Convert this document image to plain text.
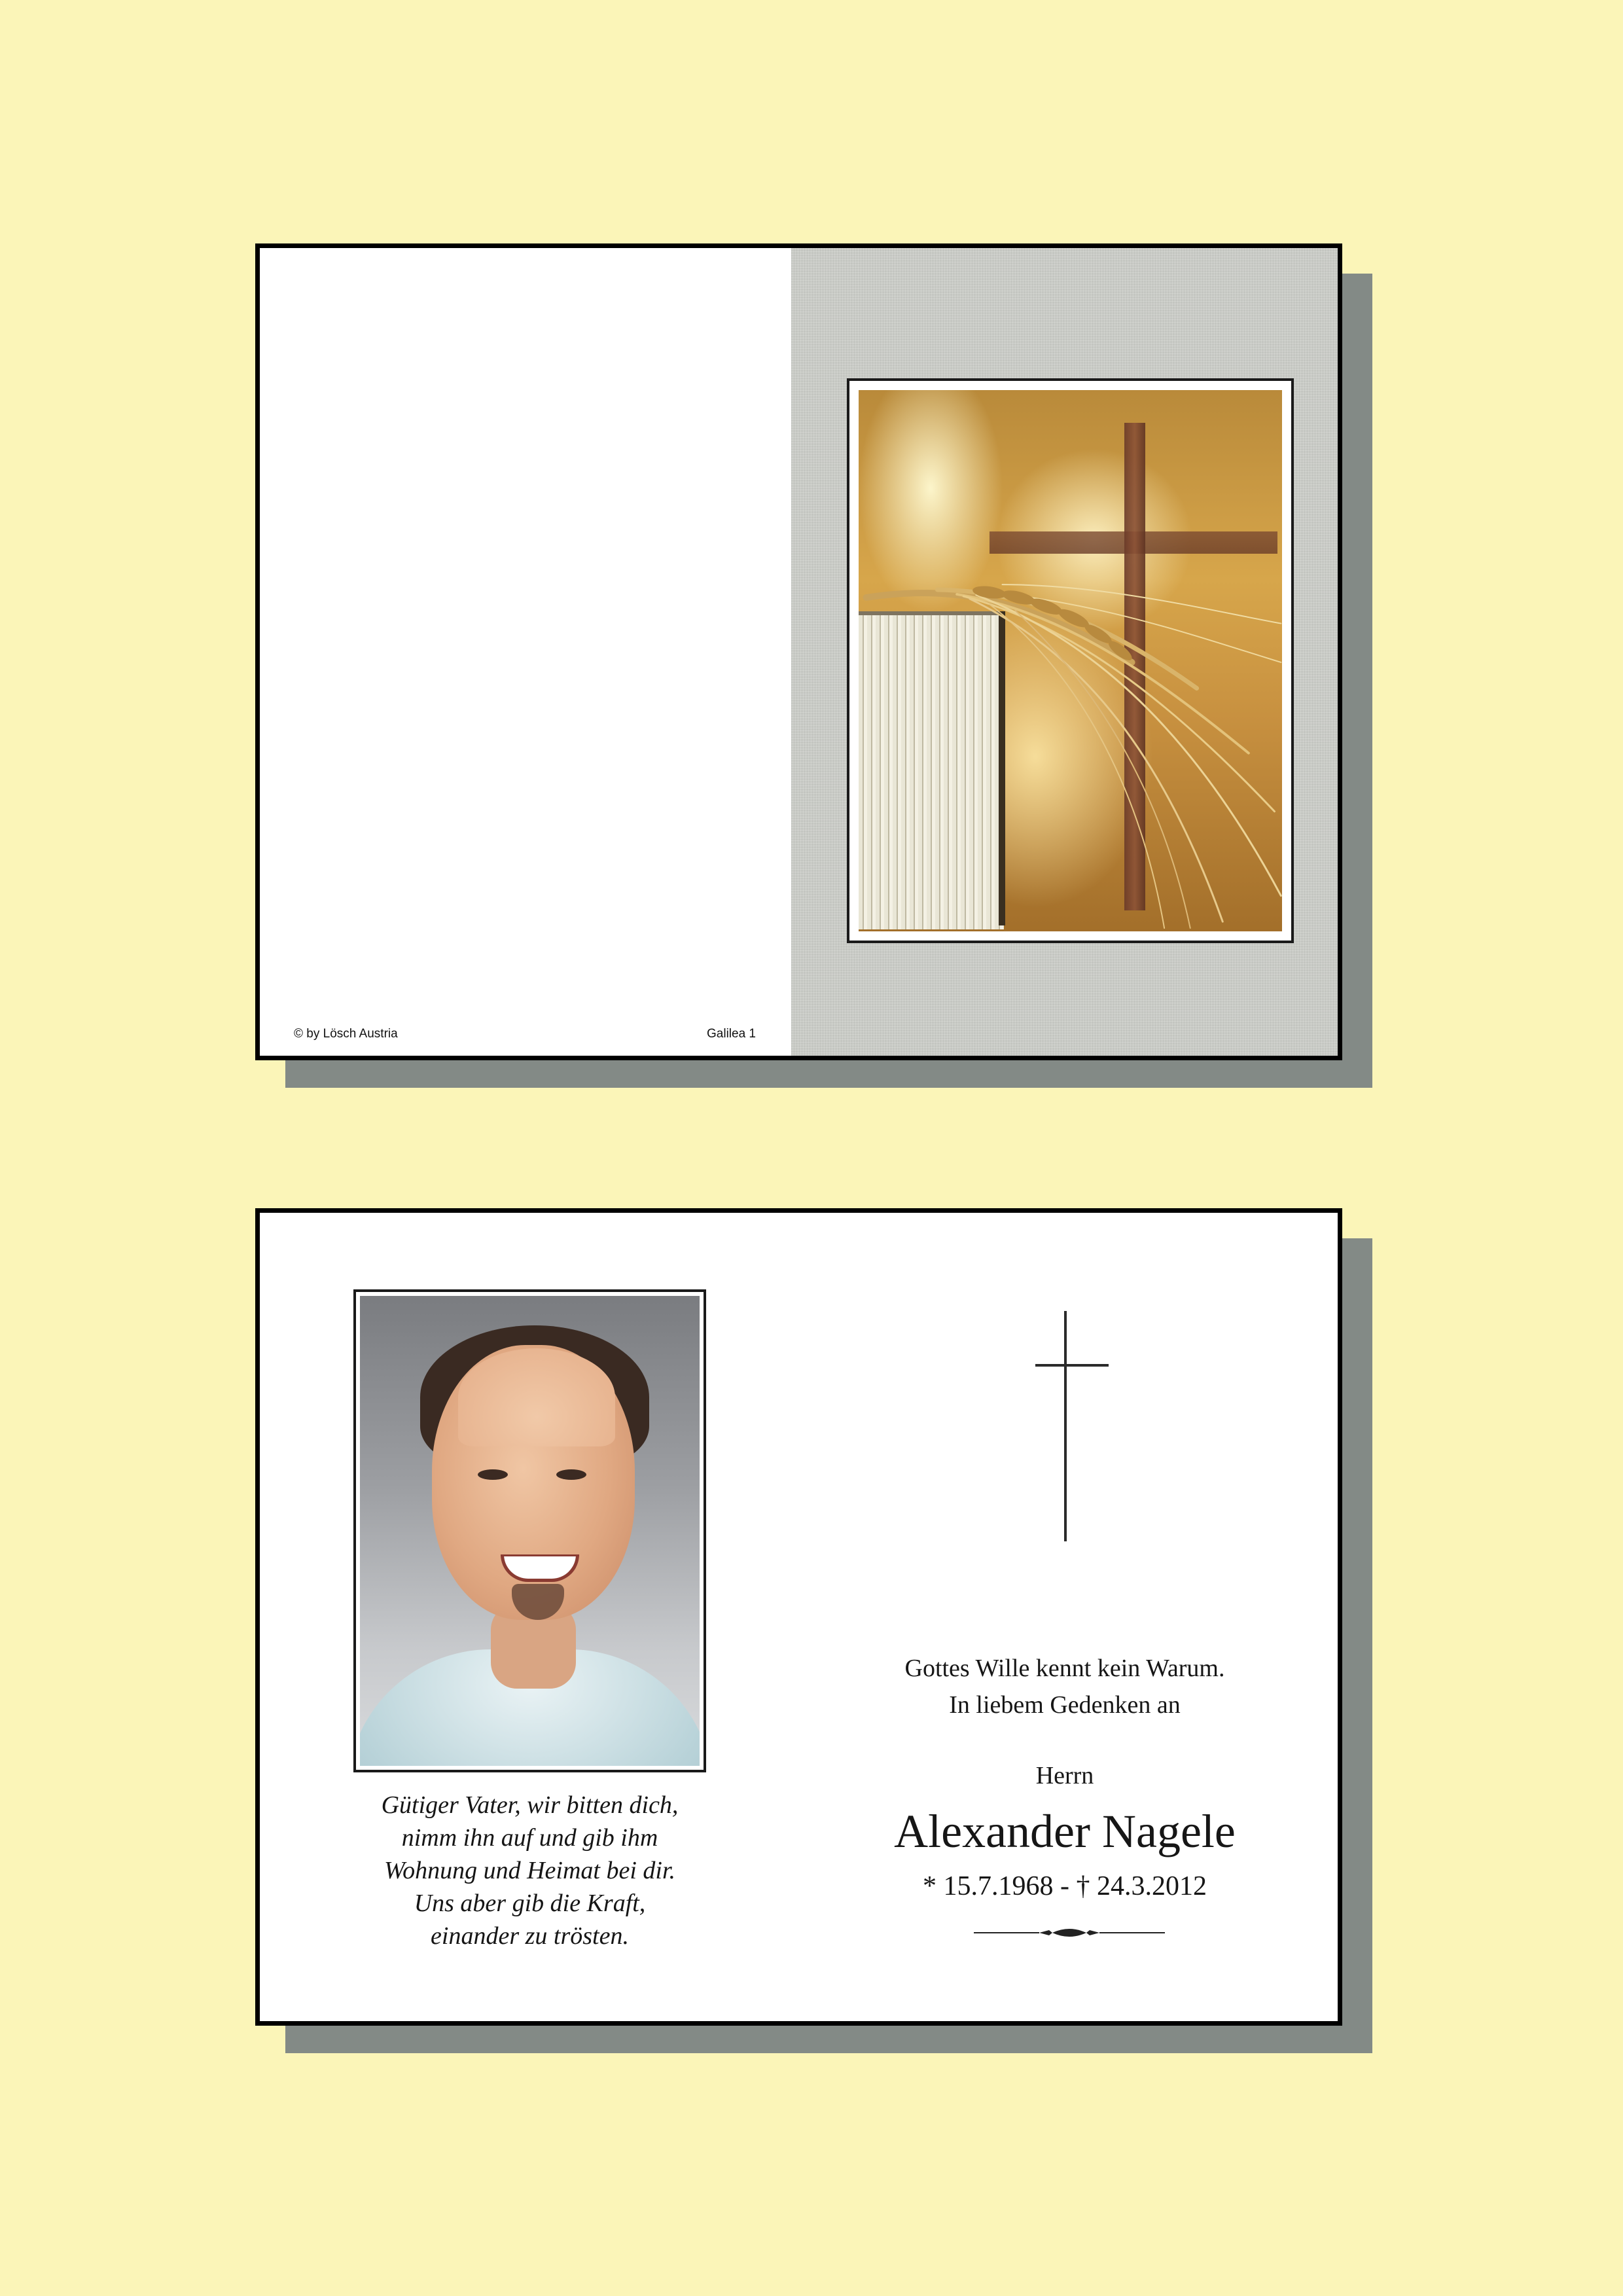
© by Lösch Austria	Galilea 1
Gütiger Vater, wir bitten dich,
nimm ihn auf und gib ihm
Wohnung und Heimat bei dir.
Uns aber gib die Kraft,
einander zu trösten.
Gottes Wille kennt kein Warum.
In liebem Gedenken an
Herrn
Alexander Nagele
* 15.7.1968 - † 24.3.2012
